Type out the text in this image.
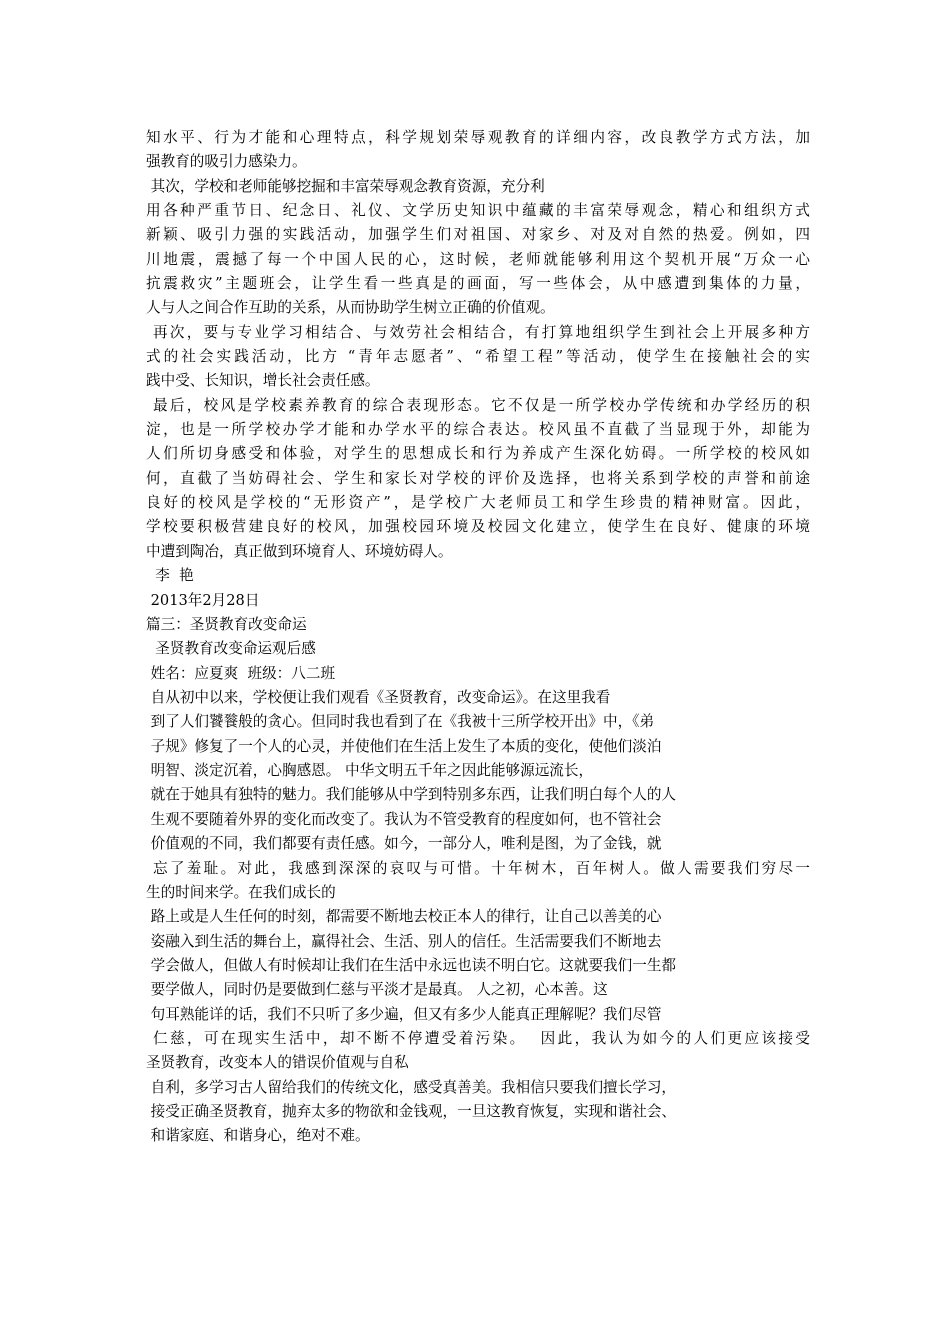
知水平、行为才能和心理特点，科学规划荣辱观教育的详细内容，改良教学方式方法，加
强教育的吸引力感染力。
其次，学校和老师能够挖掘和丰富荣辱观念教育资源，充分利
用各种严重节日、纪念日、礼仪、文学历史知识中蕴藏的丰富荣辱观念，精心和组织方式
新颖、吸引力强的实践活动，加强学生们对祖国、对家乡、对及对自然的热爱。例如，四
川地震，震撼了每一个中国人民的心，这时候，老师就能够利用这个契机开展“万众一心
抗震救灾”主题班会，让学生看一些真是的画面，写一些体会，从中感遭到集体的力量，
人与人之间合作互助的关系，从而协助学生树立正确的价值观。
再次，要与专业学习相结合、与效劳社会相结合，有打算地组织学生到社会上开展多种方
式的社会实践活动，比方 “青年志愿者”、“希望工程”等活动，使学生在接触社会的实
践中受、长知识，增长社会责任感。
最后，校风是学校素养教育的综合表现形态。它不仅是一所学校办学传统和办学经历的积
淀，也是一所学校办学才能和办学水平的综合表达。校风虽不直截了当显现于外，却能为
人们所切身感受和体验，对学生的思想成长和行为养成产生深化妨碍。一所学校的校风如
何，直截了当妨碍社会、学生和家长对学校的评价及选择，也将关系到学校的声誉和前途
良好的校风是学校的“无形资产”，是学校广大老师员工和学生珍贵的精神财富。因此，
学校要积极营建良好的校风，加强校园环境及校园文化建立，使学生在良好、健康的环境
中遭到陶冶，真正做到环境育人、环境妨碍人。
李  艳
2013年2月28日
篇三：圣贤教育改变命运
圣贤教育改变命运观后感
姓名：应夏爽  班级：八二班
自从初中以来，学校便让我们观看《圣贤教育，改变命运》。在这里我看
到了人们饕餮般的贪心。但同时我也看到了在《我被十三所学校开出》中，《弟
子规》修复了一个人的心灵，并使他们在生活上发生了本质的变化，使他们淡泊
明智、淡定沉着，心胸感恩。 中华文明五千年之因此能够源远流长，
就在于她具有独特的魅力。我们能够从中学到特别多东西，让我们明白每个人的人
生观不要随着外界的变化而改变了。我认为不管受教育的程度如何，也不管社会
价值观的不同，我们都要有责任感。如今，一部分人，唯利是图，为了金钱，就
忘了羞耻。对此，我感到深深的哀叹与可惜。十年树木，百年树人。做人需要我们穷尽一
生的时间来学。在我们成长的
路上或是人生任何的时刻，都需要不断地去校正本人的律行，让自己以善美的心
姿融入到生活的舞台上，赢得社会、生活、别人的信任。生活需要我们不断地去
学会做人，但做人有时候却让我们在生活中永远也读不明白它。这就要我们一生都
要学做人，同时仍是要做到仁慈与平淡才是最真。 人之初，心本善。这
句耳熟能详的话，我们不只听了多少遍，但又有多少人能真正理解呢？我们尽管
仁慈，可在现实生活中，却不断不停遭受着污染。  因此，我认为如今的人们更应该接受
圣贤教育，改变本人的错误价值观与自私
自利，多学习古人留给我们的传统文化，感受真善美。我相信只要我们擅长学习，
接受正确圣贤教育，抛弃太多的物欲和金钱观，一旦这教育恢复，实现和谐社会、
和谐家庭、和谐身心，绝对不难。
